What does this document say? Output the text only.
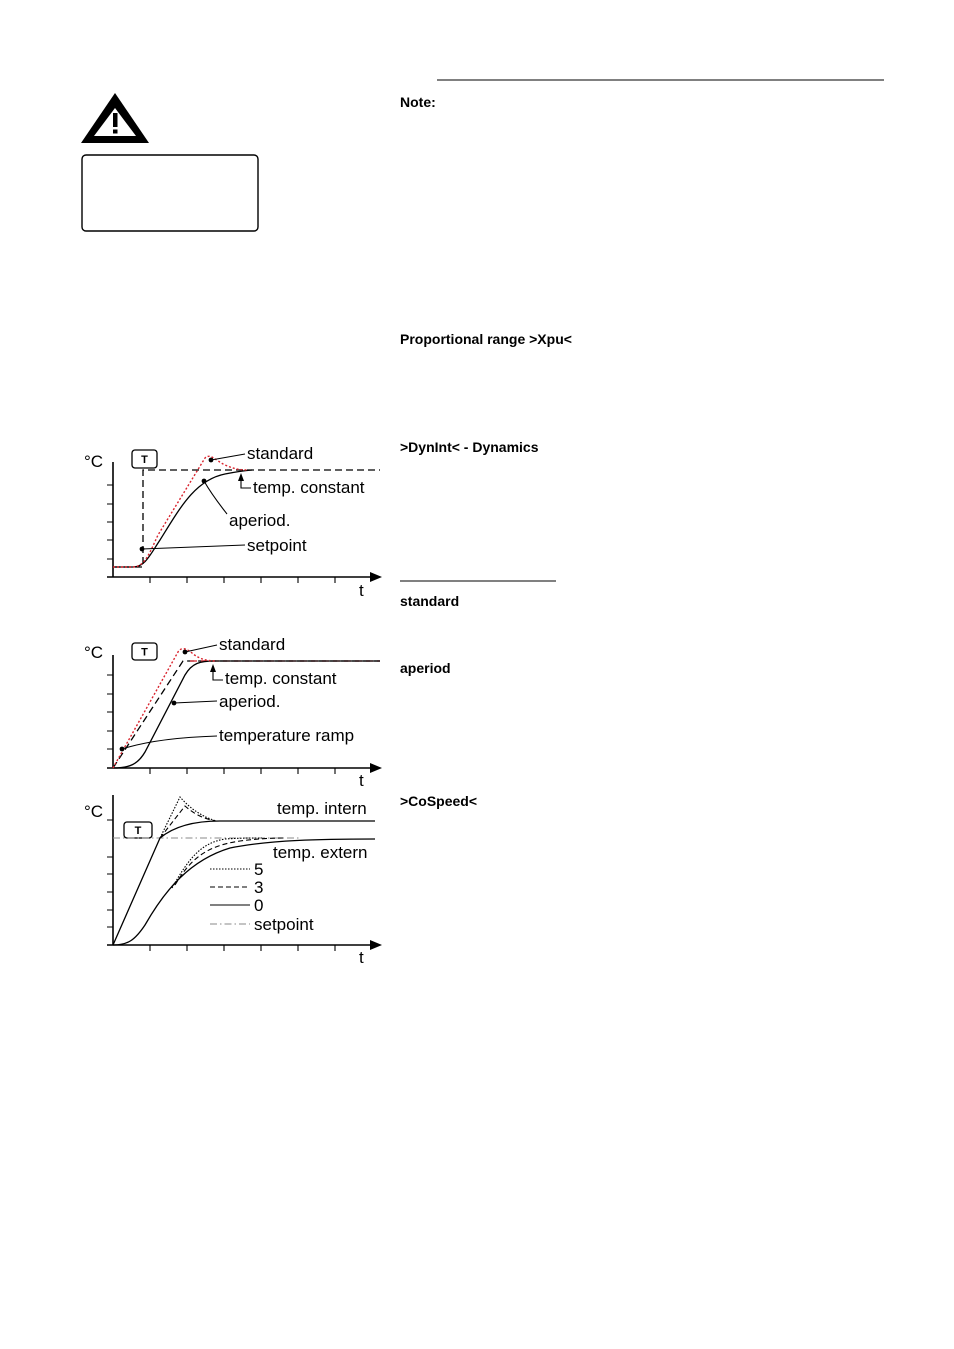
°C	T
t
standard
temp. constant
aperiod.
setpoint
°C	T
t
standard
temp. constant
aperiod.
temperature ramp
°C
T
t
temp. intern
temp. extern
5
3
0
setpoint
Note:
Proportional range >Xpu<
>DynInt< - Dynamics
standard
aperiod
>CoSpeed<
